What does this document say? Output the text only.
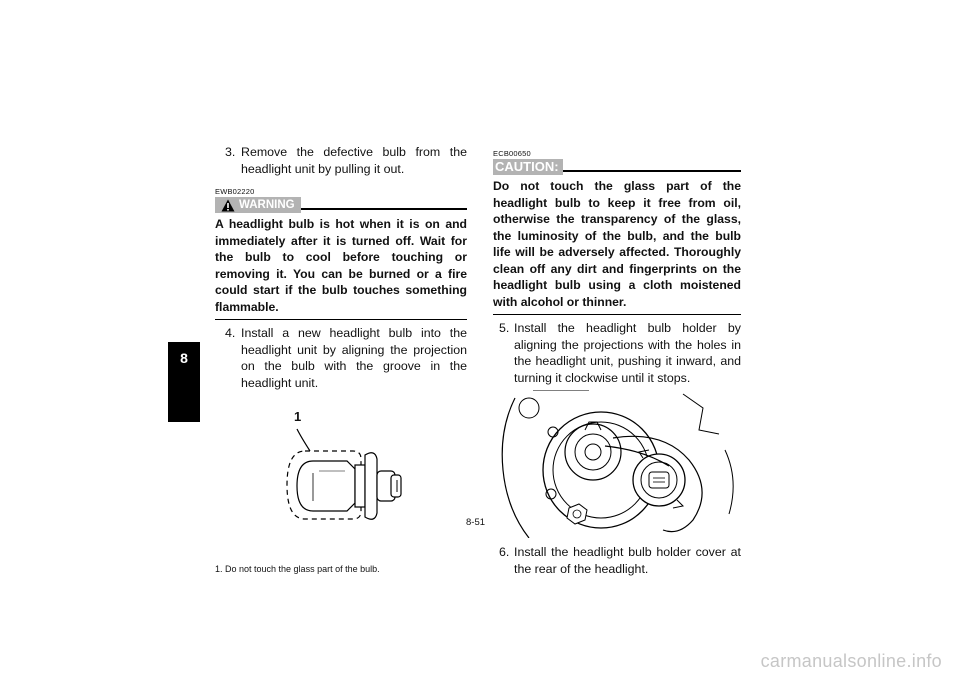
8

3. Remove the defective bulb from the headlight unit by pulling it out.

EWB02220
WARNING
A headlight bulb is hot when it is on and immediately after it is turned off. Wait for the bulb to cool before touching or removing it. You can be burned or a fire could start if the bulb touches something flammable.

4. Install a new headlight bulb into the headlight unit by aligning the projection on the bulb with the groove in the headlight unit.

1
1. Do not touch the glass part of the bulb.
ECB00650
CAUTION:
Do not touch the glass part of the headlight bulb to keep it free from oil, otherwise the transparency of the glass, the luminosity of the bulb, and the bulb life will be adversely affected. Thoroughly clean off any dirt and fingerprints on the headlight bulb using a cloth moistened with alcohol or thinner.

5. Install the headlight bulb holder by aligning the projections with the holes in the headlight unit, pushing it inward, and turning it clockwise until it stops.

6. Install the headlight bulb holder cover at the rear of the headlight.

8-51
carmanualsonline.info
